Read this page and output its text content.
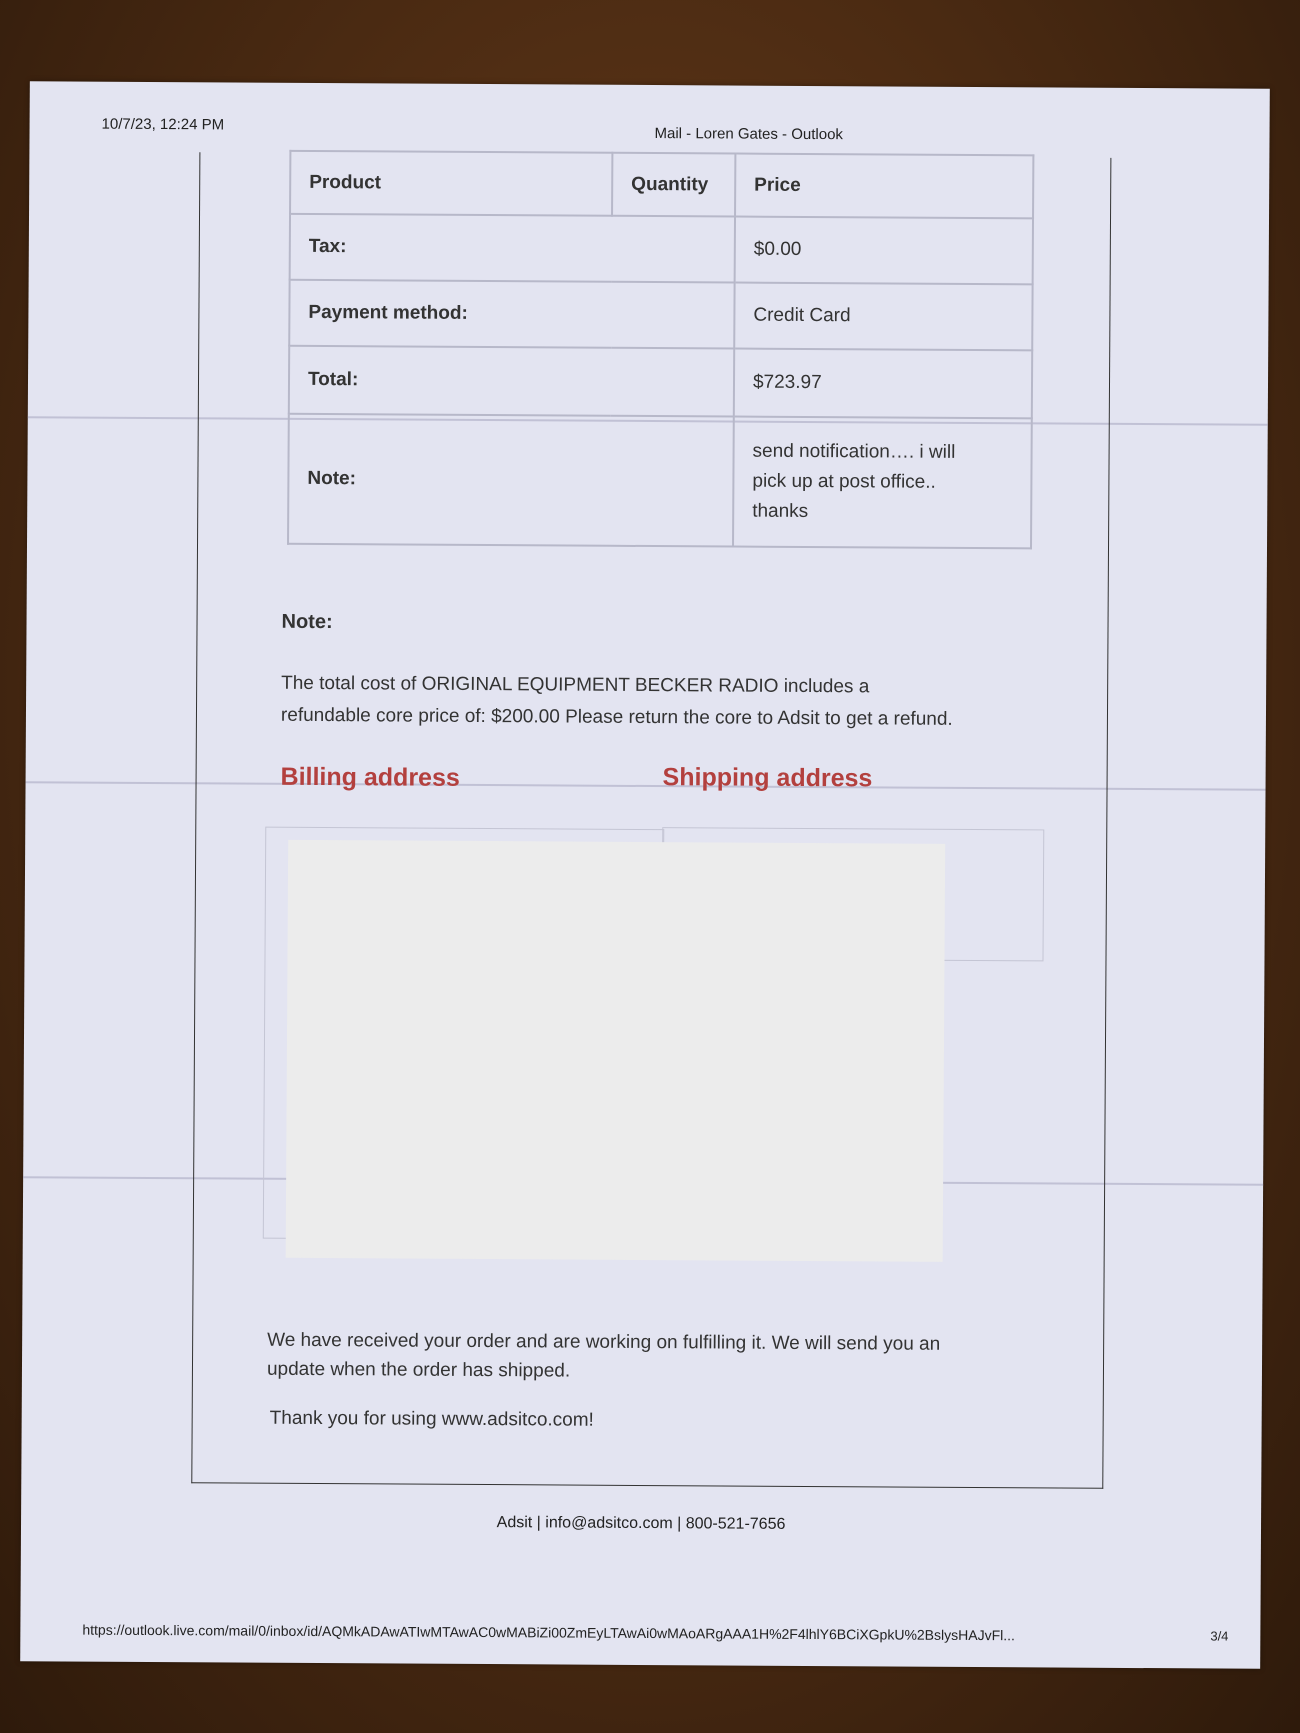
10/7/23, 12:24 PM
Mail - Loren Gates - Outlook
Product	Quantity	Price
Tax:		$0.00
Payment method:		Credit Card
Total:		$723.97
Note:		send notification…. i will
pick up at post office..
thanks
Note:
The total cost of ORIGINAL EQUIPMENT BECKER RADIO includes a
refundable core price of: $200.00 Please return the core to Adsit to get a refund.
Billing address	Shipping address
We have received your order and are working on fulfilling it. We will send you an
update when the order has shipped.
Thank you for using www.adsitco.com!
Adsit | info@adsitco.com | 800-521-7656
https://outlook.live.com/mail/0/inbox/id/AQMkADAwATIwMTAwAC0wMABiZi00ZmEyLTAwAi0wMAoARgAAA1H%2F4lhlY6BCiXGpkU%2BslysHAJvFl...	3/4
